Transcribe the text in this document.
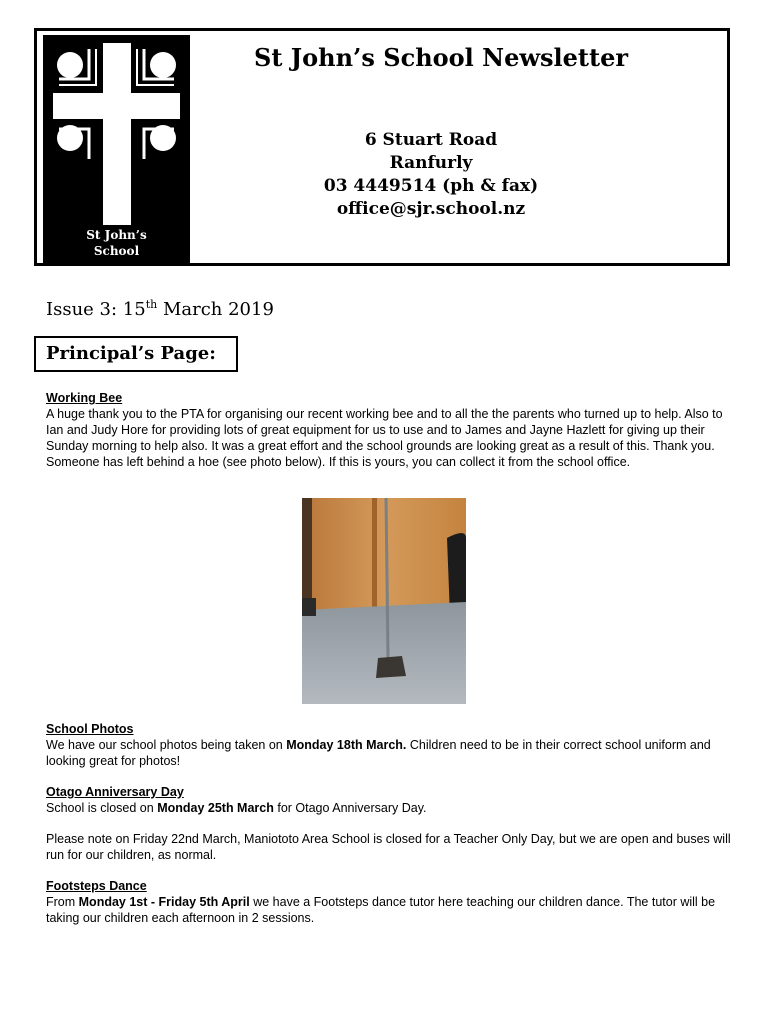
St John’s
School
St John’s School Newsletter
6 Stuart Road
Ranfurly
03 4449514 (ph & fax)
office@sjr.school.nz
Issue 3: 15th March 2019
Principal’s Page:
Working Bee

A huge thank you to the PTA for organising our recent working bee and to all the the parents who turned up to help. Also to Ian and Judy Hore for providing lots of great equipment for us to use and to James and Jayne Hazlett for giving up their Sunday morning to help also. It was a great effort and the school grounds are looking great as a result of this. Thank you.

Someone has left behind a hoe (see photo below). If this is yours, you can collect it from the school office.

School Photos

We have our school photos being taken on Monday 18th March. Children need to be in their correct school uniform and looking great for photos!

Otago Anniversary Day

School is closed on Monday 25th March for Otago Anniversary Day.

Please note on Friday 22nd March, Maniototo Area School is closed for a Teacher Only Day, but we are open and buses will run for our children, as normal.

Footsteps Dance

From Monday 1st - Friday 5th April we have a Footsteps dance tutor here teaching our children dance. The tutor will be taking our children each afternoon in 2 sessions.
